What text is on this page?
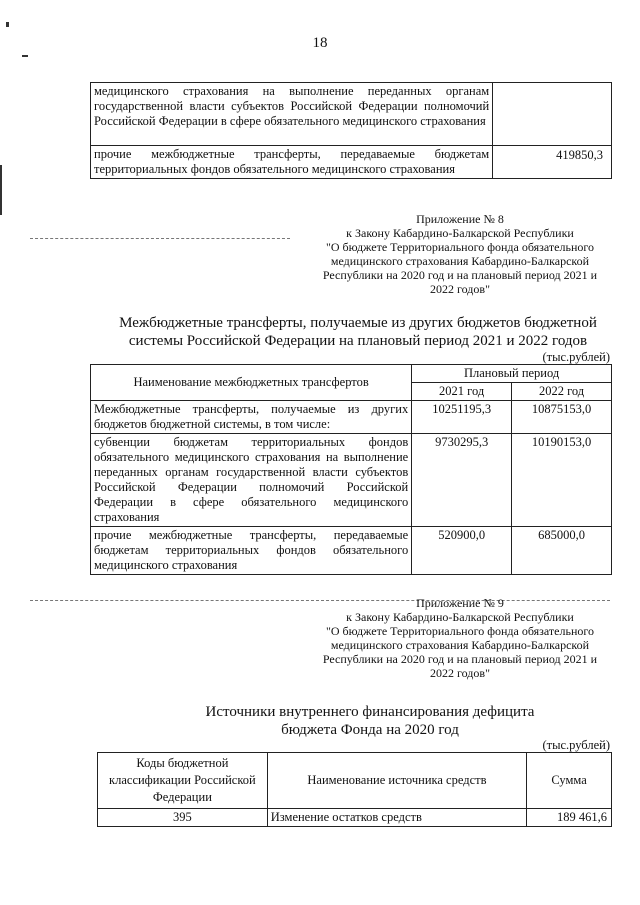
18
медицинского страхования на выполнение переданных органам государственной власти субъектов Российской Федерации полномочий Российской Федерации в сфере обязательного медицинского страхования	
прочие межбюджетные трансферты, передаваемые бюджетам территориальных фондов обязательного медицинского страхования	419850,3
Приложение № 8
к Закону Кабардино-Балкарской Республики
"О бюджете Территориального фонда обязательного медицинского страхования Кабардино-Балкарской Республики на 2020 год и на плановый период 2021 и 2022 годов"
Межбюджетные трансферты, получаемые из других бюджетов бюджетной системы Российской Федерации на плановый период 2021 и 2022 годов
(тыс.рублей)
Наименование межбюджетных трансфертов	Плановый период	
	2021 год	2022 год
Межбюджетные трансферты, получаемые из других бюджетов бюджетной системы, в том числе:	10251195,3	10875153,0
субвенции бюджетам территориальных фондов обязательного медицинского страхования на выполнение переданных органам государственной власти субъектов Российской Федерации полномочий Российской Федерации в сфере обязательного медицинского страхования	9730295,3	10190153,0
прочие межбюджетные трансферты, передаваемые бюджетам территориальных фондов обязательного медицинского страхования	520900,0	685000,0
Приложение № 9
к Закону Кабардино-Балкарской Республики
"О бюджете Территориального фонда обязательного медицинского страхования Кабардино-Балкарской Республики на 2020 год и на плановый период 2021 и 2022 годов"
Источники внутреннего финансирования дефицита бюджета Фонда на 2020 год
(тыс.рублей)
Коды бюджетной классификации Российской Федерации	Наименование источника средств	Сумма
395	Изменение остатков средств	189 461,6
